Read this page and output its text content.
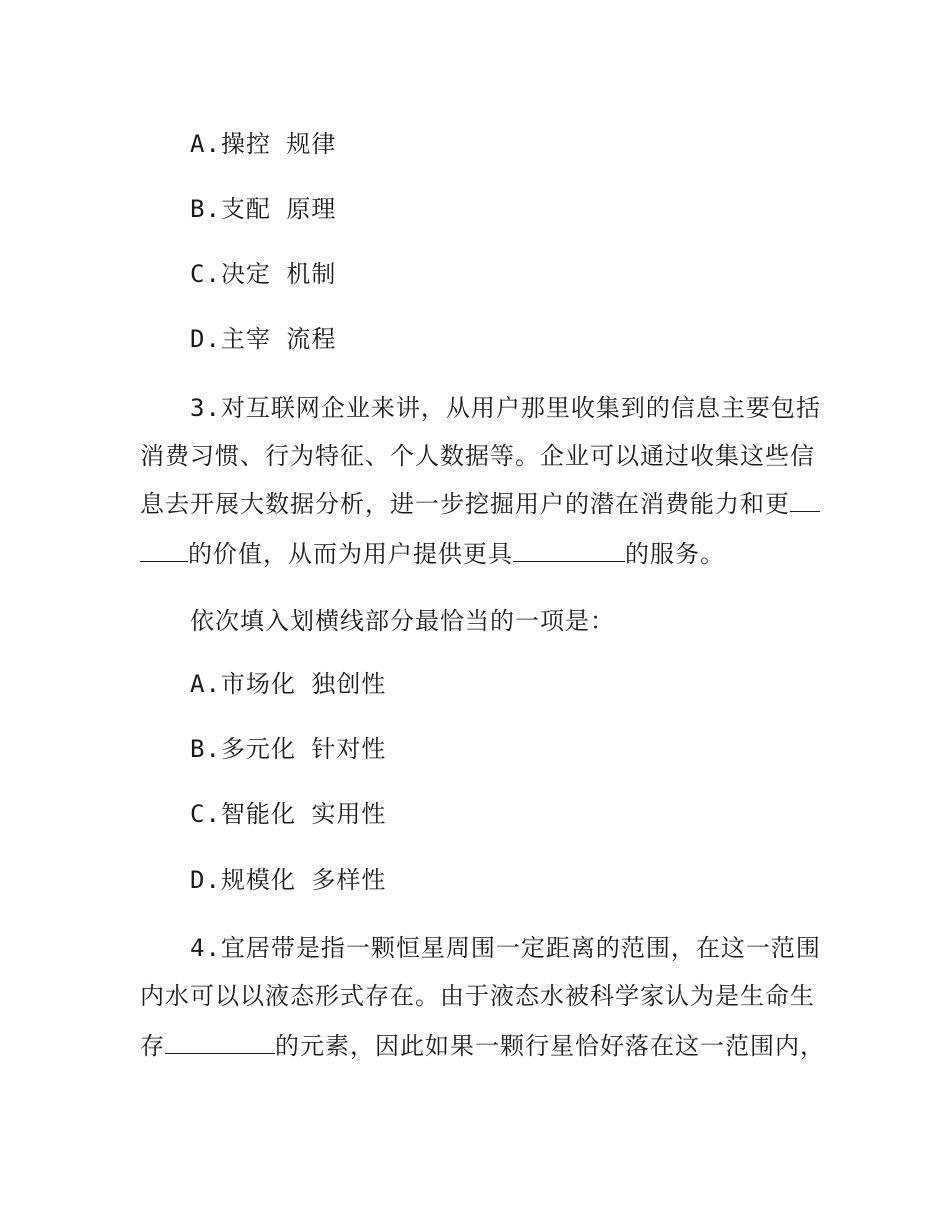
A.操控 规律
B.支配 原理
C.决定 机制
D.主宰 流程
3.对互联网企业来讲，从用户那里收集到的信息主要包括
消费习惯、行为特征、个人数据等。企业可以通过收集这些信
息去开展大数据分析，进一步挖掘用户的潜在消费能力和更
的价值，从而为用户提供更具	的服务。
依次填入划横线部分最恰当的一项是：
A.市场化 独创性
B.多元化 针对性
C.智能化 实用性
D.规模化 多样性
4.宜居带是指一颗恒星周围一定距离的范围，在这一范围
内水可以以液态形式存在。由于液态水被科学家认为是生命生
存	的元素，因此如果一颗行星恰好落在这一范围内，
